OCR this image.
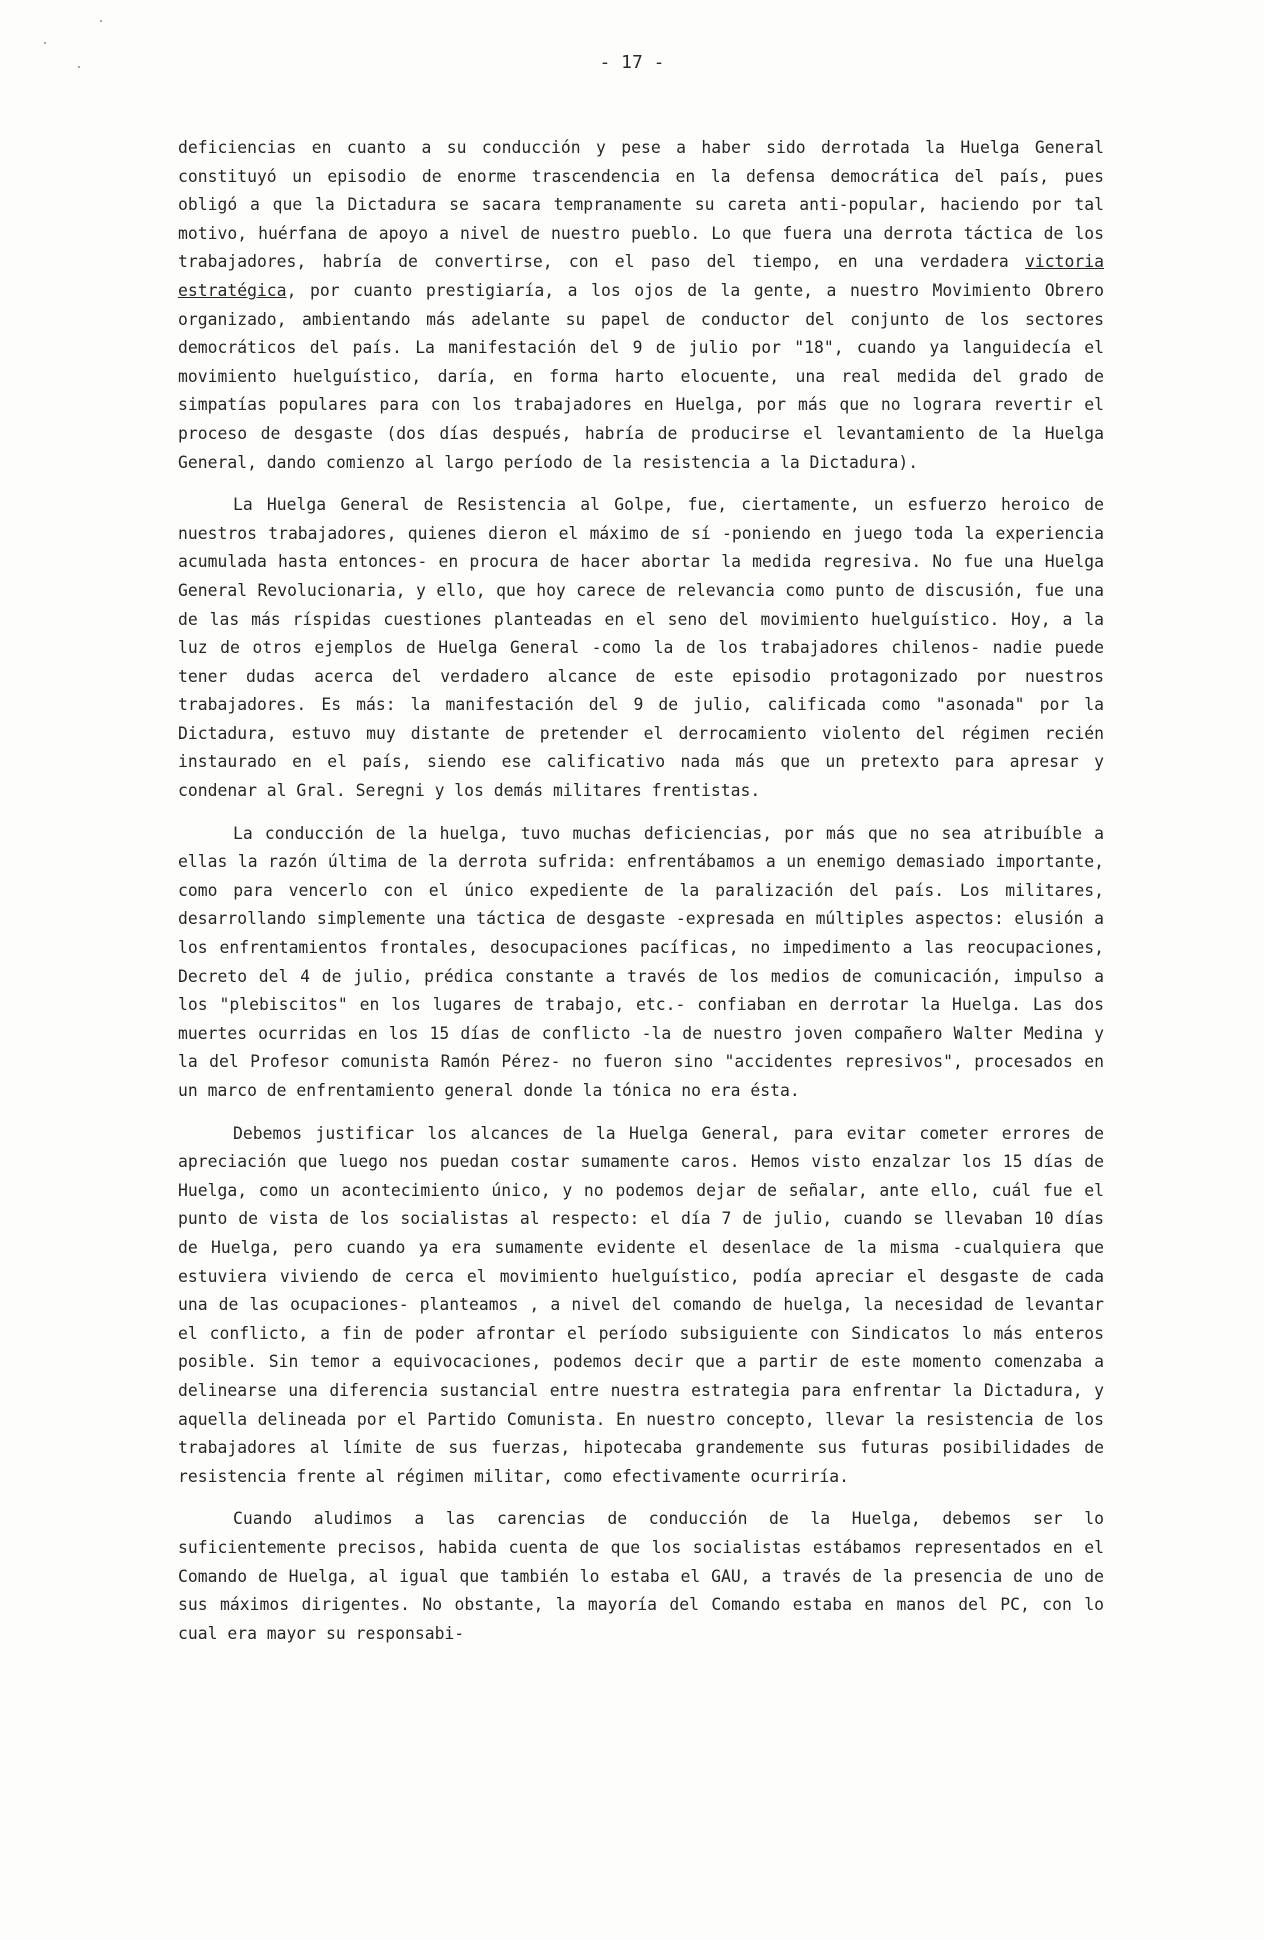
- 17 -

deficiencias en cuanto a su conducción y pese a haber sido derrotada la Huelga General constituyó un episodio de enorme trascendencia en la defensa democrática del país, pues obligó a que la Dictadura se sacara tempranamente su careta anti-popular, haciendo por tal motivo, huérfana de apoyo a nivel de nuestro pueblo. Lo que fuera una derrota táctica de los trabajadores, habría de convertirse, con el paso del tiempo, en una verdadera victoria estratégica, por cuanto prestigiaría, a los ojos de la gente, a nuestro Movimiento Obrero organizado, ambientando más adelante su papel de conductor del conjunto de los sectores democráticos del país. La manifestación del 9 de julio por "18", cuando ya languidecía el movimiento huelguístico, daría, en forma harto elocuente, una real medida del grado de simpatías populares para con los trabajadores en Huelga, por más que no lograra revertir el proceso de desgaste (dos días después, habría de producirse el levantamiento de la Huelga General, dando comienzo al largo período de la resistencia a la Dictadura).

La Huelga General de Resistencia al Golpe, fue, ciertamente, un esfuerzo heroico de nuestros trabajadores, quienes dieron el máximo de sí -poniendo en juego toda la experiencia acumulada hasta entonces- en procura de hacer abortar la medida regresiva. No fue una Huelga General Revolucionaria, y ello, que hoy carece de relevancia como punto de discusión, fue una de las más ríspidas cuestiones planteadas en el seno del movimiento huelguístico. Hoy, a la luz de otros ejemplos de Huelga General -como la de los trabajadores chilenos- nadie puede tener dudas acerca del verdadero alcance de este episodio protagonizado por nuestros trabajadores. Es más: la manifestación del 9 de julio, calificada como "asonada" por la Dictadura, estuvo muy distante de pretender el derrocamiento violento del régimen recién instaurado en el país, siendo ese calificativo nada más que un pretexto para apresar y condenar al Gral. Seregni y los demás militares frentistas.

La conducción de la huelga, tuvo muchas deficiencias, por más que no sea atribuíble a ellas la razón última de la derrota sufrida: enfrentábamos a un enemigo demasiado importante, como para vencerlo con el único expediente de la paralización del país. Los militares, desarrollando simplemente una táctica de desgaste -expresada en múltiples aspectos: elusión a los enfrentamientos frontales, desocupaciones pacíficas, no impedimento a las reocupaciones, Decreto del 4 de julio, prédica constante a través de los medios de comunicación, impulso a los "plebiscitos" en los lugares de trabajo, etc.- confiaban en derrotar la Huelga. Las dos muertes ocurridas en los 15 días de conflicto -la de nuestro joven compañero Walter Medina y la del Profesor comunista Ramón Pérez- no fueron sino "accidentes represivos", procesados en un marco de enfrentamiento general donde la tónica no era ésta.

Debemos justificar los alcances de la Huelga General, para evitar cometer errores de apreciación que luego nos puedan costar sumamente caros. Hemos visto enzalzar los 15 días de Huelga, como un acontecimiento único, y no podemos dejar de señalar, ante ello, cuál fue el punto de vista de los socialistas al respecto: el día 7 de julio, cuando se llevaban 10 días de Huelga, pero cuando ya era sumamente evidente el desenlace de la misma -cualquiera que estuviera viviendo de cerca el movimiento huelguístico, podía apreciar el desgaste de cada una de las ocupaciones- planteamos , a nivel del comando de huelga, la necesidad de levantar el conflicto, a fin de poder afrontar el período subsiguiente con Sindicatos lo más enteros posible. Sin temor a equivocaciones, podemos decir que a partir de este momento comenzaba a delinearse una diferencia sustancial entre nuestra estrategia para enfrentar la Dictadura, y aquella delineada por el Partido Comunista. En nuestro concepto, llevar la resistencia de los trabajadores al límite de sus fuerzas, hipotecaba grandemente sus futuras posibilidades de resistencia frente al régimen militar, como efectivamente ocurriría.

Cuando aludimos a las carencias de conducción de la Huelga, debemos ser lo suficientemente precisos, habida cuenta de que los socialistas estábamos representados en el Comando de Huelga, al igual que también lo estaba el GAU, a través de la presencia de uno de sus máximos dirigentes. No obstante, la mayoría del Comando estaba en manos del PC, con lo cual era mayor su responsabi-
